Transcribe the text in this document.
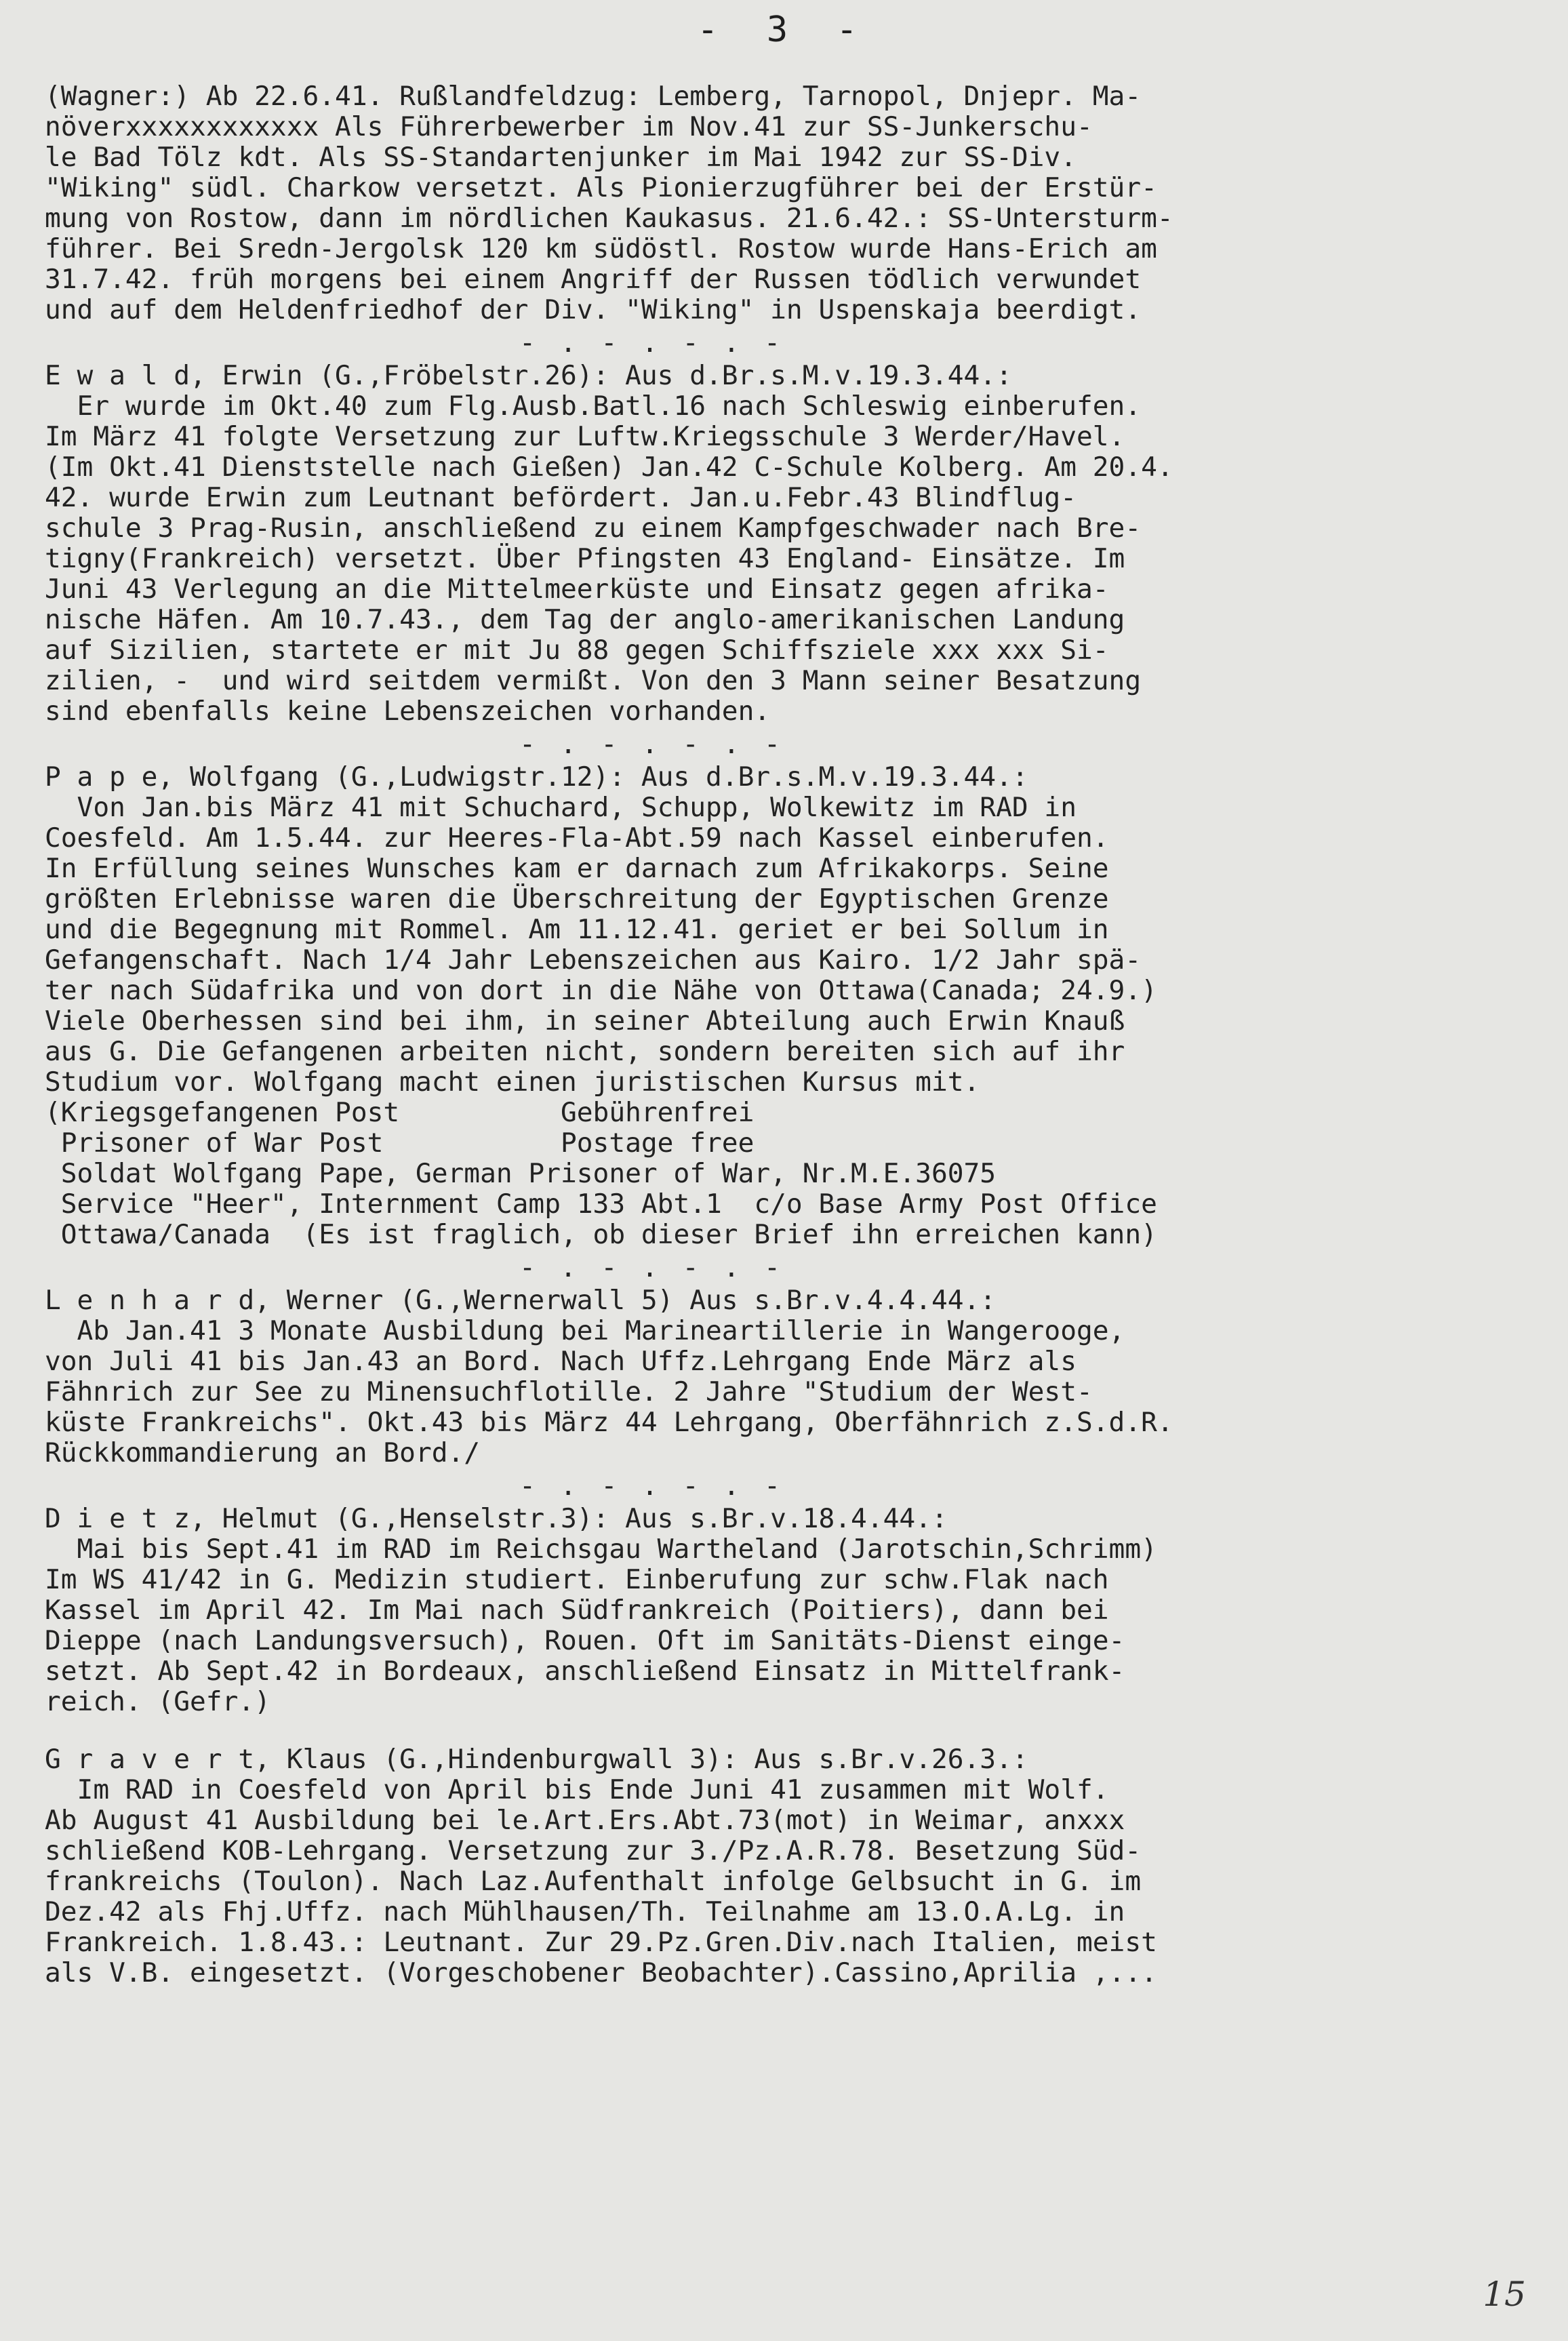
- 3 -
(Wagner:) Ab 22.6.41. Rußlandfeldzug: Lemberg, Tarnopol, Dnjepr. Ma-
növerxxxxxxxxxxxx Als Führerbewerber im Nov.41 zur SS-Junkerschu-
le Bad Tölz kdt. Als SS-Standartenjunker im Mai 1942 zur SS-Div.
"Wiking" südl. Charkow versetzt. Als Pionierzugführer bei der Erstür-
mung von Rostow, dann im nördlichen Kaukasus. 21.6.42.: SS-Untersturm-
führer. Bei Sredn-Jergolsk 120 km südöstl. Rostow wurde Hans-Erich am
31.7.42. früh morgens bei einem Angriff der Russen tödlich verwundet
und auf dem Heldenfriedhof der Div. "Wiking" in Uspenskaja beerdigt.
- . - . - . -
E w a l d, Erwin (G.,Fröbelstr.26): Aus d.Br.s.M.v.19.3.44.:
Er wurde im Okt.40 zum Flg.Ausb.Batl.16 nach Schleswig einberufen.
Im März 41 folgte Versetzung zur Luftw.Kriegsschule 3 Werder/Havel.
(Im Okt.41 Dienststelle nach Gießen) Jan.42 C-Schule Kolberg. Am 20.4.
42. wurde Erwin zum Leutnant befördert. Jan.u.Febr.43 Blindflug-
schule 3 Prag-Rusin, anschließend zu einem Kampfgeschwader nach Bre-
tigny(Frankreich) versetzt. Über Pfingsten 43 England- Einsätze. Im
Juni 43 Verlegung an die Mittelmeerküste und Einsatz gegen afrika-
nische Häfen. Am 10.7.43., dem Tag der anglo-amerikanischen Landung
auf Sizilien, startete er mit Ju 88 gegen Schiffsziele xxx xxx Si-
zilien, -  und wird seitdem vermißt. Von den 3 Mann seiner Besatzung
sind ebenfalls keine Lebenszeichen vorhanden.
- . - . - . -
P a p e, Wolfgang (G.,Ludwigstr.12): Aus d.Br.s.M.v.19.3.44.:
Von Jan.bis März 41 mit Schuchard, Schupp, Wolkewitz im RAD in
Coesfeld. Am 1.5.44. zur Heeres-Fla-Abt.59 nach Kassel einberufen.
In Erfüllung seines Wunsches kam er darnach zum Afrikakorps. Seine
größten Erlebnisse waren die Überschreitung der Egyptischen Grenze
und die Begegnung mit Rommel. Am 11.12.41. geriet er bei Sollum in
Gefangenschaft. Nach 1/4 Jahr Lebenszeichen aus Kairo. 1/2 Jahr spä-
ter nach Südafrika und von dort in die Nähe von Ottawa(Canada; 24.9.)
Viele Oberhessen sind bei ihm, in seiner Abteilung auch Erwin Knauß
aus G. Die Gefangenen arbeiten nicht, sondern bereiten sich auf ihr
Studium vor. Wolfgang macht einen juristischen Kursus mit.
(Kriegsgefangenen Post          Gebührenfrei
Prisoner of War Post           Postage free
Soldat Wolfgang Pape, German Prisoner of War, Nr.M.E.36075
Service "Heer", Internment Camp 133 Abt.1  c/o Base Army Post Office
Ottawa/Canada  (Es ist fraglich, ob dieser Brief ihn erreichen kann)
- . - . - . -
L e n h a r d, Werner (G.,Wernerwall 5) Aus s.Br.v.4.4.44.:
Ab Jan.41 3 Monate Ausbildung bei Marineartillerie in Wangerooge,
von Juli 41 bis Jan.43 an Bord. Nach Uffz.Lehrgang Ende März als
Fähnrich zur See zu Minensuchflotille. 2 Jahre "Studium der West-
küste Frankreichs". Okt.43 bis März 44 Lehrgang, Oberfähnrich z.S.d.R.
Rückkommandierung an Bord./
- . - . - . -
D i e t z, Helmut (G.,Henselstr.3): Aus s.Br.v.18.4.44.:
Mai bis Sept.41 im RAD im Reichsgau Wartheland (Jarotschin,Schrimm)
Im WS 41/42 in G. Medizin studiert. Einberufung zur schw.Flak nach
Kassel im April 42. Im Mai nach Südfrankreich (Poitiers), dann bei
Dieppe (nach Landungsversuch), Rouen. Oft im Sanitäts-Dienst einge-
setzt. Ab Sept.42 in Bordeaux, anschließend Einsatz in Mittelfrank-
reich. (Gefr.)
G r a v e r t, Klaus (G.,Hindenburgwall 3): Aus s.Br.v.26.3.:
Im RAD in Coesfeld von April bis Ende Juni 41 zusammen mit Wolf.
Ab August 41 Ausbildung bei le.Art.Ers.Abt.73(mot) in Weimar, anxxx
schließend KOB-Lehrgang. Versetzung zur 3./Pz.A.R.78. Besetzung Süd-
frankreichs (Toulon). Nach Laz.Aufenthalt infolge Gelbsucht in G. im
Dez.42 als Fhj.Uffz. nach Mühlhausen/Th. Teilnahme am 13.O.A.Lg. in
Frankreich. 1.8.43.: Leutnant. Zur 29.Pz.Gren.Div.nach Italien, meist
als V.B. eingesetzt. (Vorgeschobener Beobachter).Cassino,Aprilia ,...
15
